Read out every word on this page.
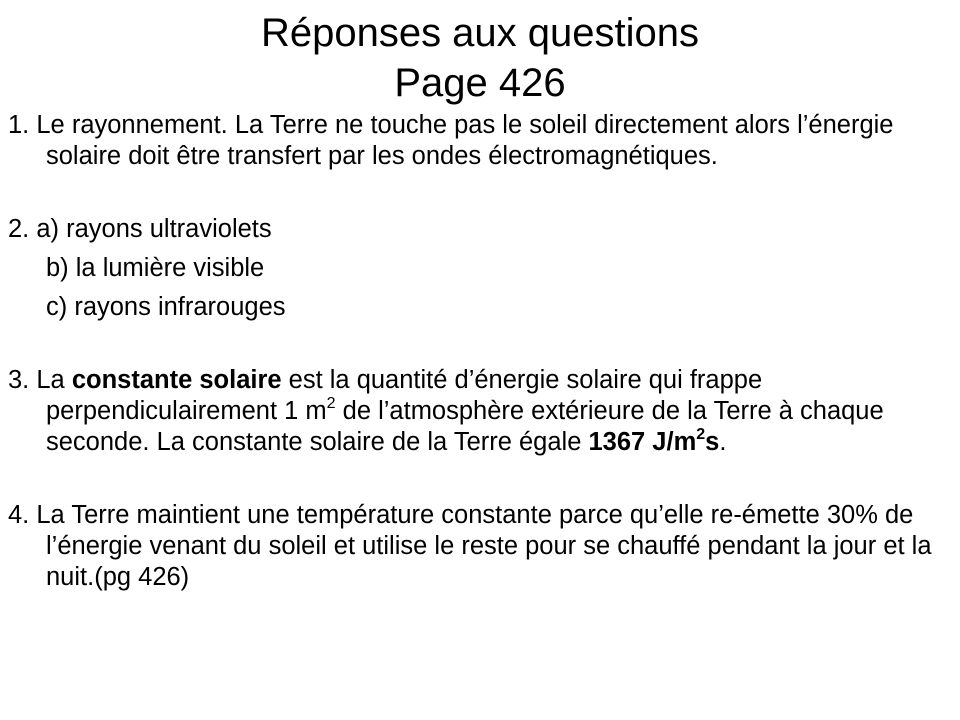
Réponses aux questions
Page 426

1. Le rayonnement. La Terre ne touche pas le soleil directement alors l’énergie solaire doit être transfert par les ondes électromagnétiques.

2. a) rayons ultraviolets

b) la lumière visible

c) rayons infrarouges

3. La constante solaire est la quantité d’énergie solaire qui frappe perpendiculairement 1 $m^2$ de l’atmosphère extérieure de la Terre à chaque seconde. La constante solaire de la Terre égale 1367 $J/m^2s$.

4. La Terre maintient une température constante parce qu’elle re-émette 30% de l’énergie venant du soleil et utilise le reste pour se chauffé pendant la jour et la nuit.(pg 426)
